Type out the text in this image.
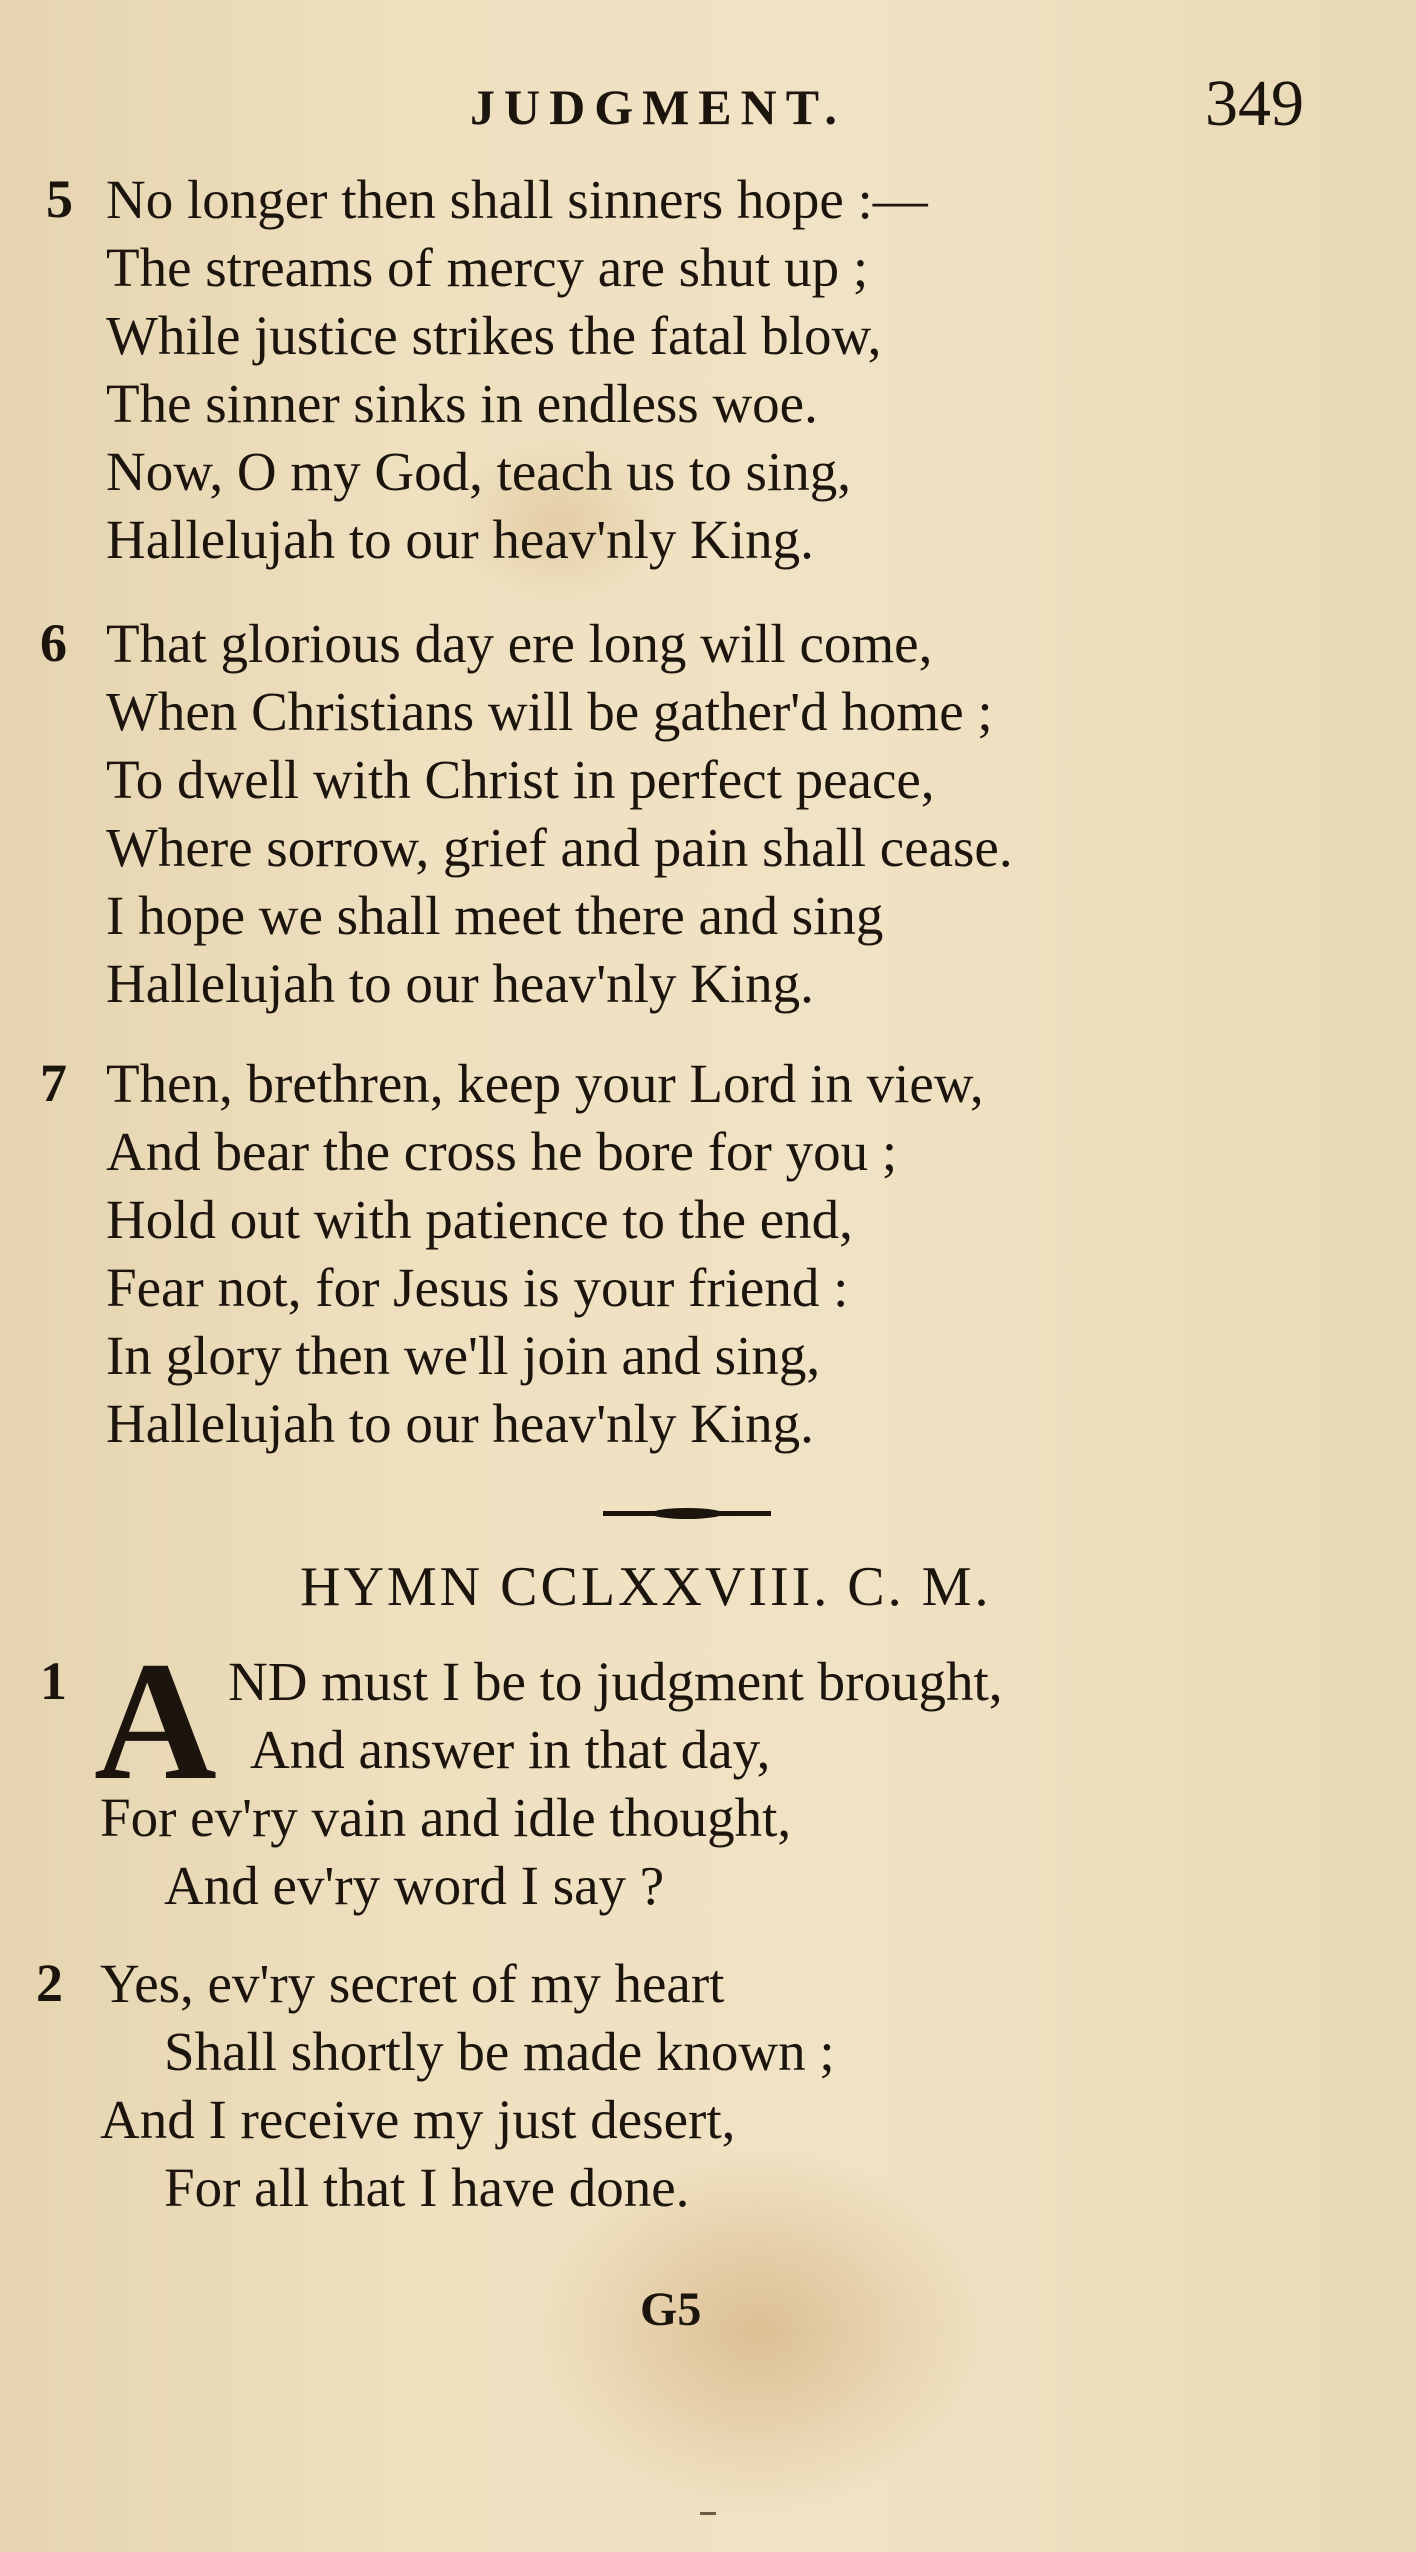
JUDGMENT.	349
5 No longer then shall sinners hope :—
The streams of mercy are shut up ;
While justice strikes the fatal blow,
The sinner sinks in endless woe.
Now, O my God, teach us to sing,
Hallelujah to our heav'nly King.
6 That glorious day ere long will come,
When Christians will be gather'd home ;
To dwell with Christ in perfect peace,
Where sorrow, grief and pain shall cease.
I hope we shall meet there and sing
Hallelujah to our heav'nly King.
7 Then, brethren, keep your Lord in view,
And bear the cross he bore for you ;
Hold out with patience to the end,
Fear not, for Jesus is your friend :
In glory then we'll join and sing,
Hallelujah to our heav'nly King.
HYMN CCLXXVIII. C. M.
1 A ND must I be to judgment brought,
And answer in that day,
For ev'ry vain and idle thought,
And ev'ry word I say ?
2 Yes, ev'ry secret of my heart
Shall shortly be made known ;
And I receive my just desert,
For all that I have done.
G5
